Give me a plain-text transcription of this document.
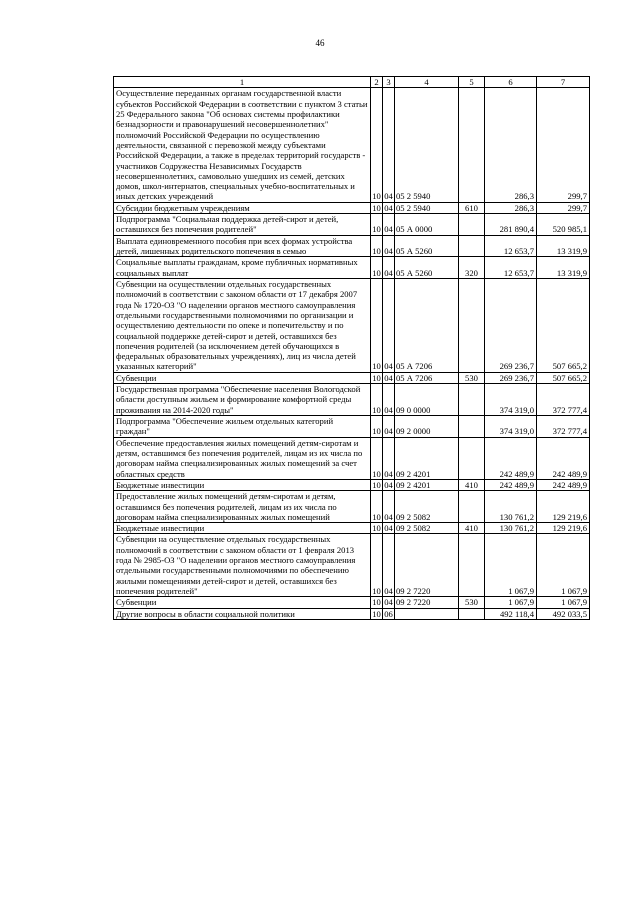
46
1	2	3	4	5	6	7
Осуществление переданных органам государственной власти субъектов Российской Федерации в соответствии с пунктом 3 статьи 25 Федерального закона "Об основах системы профилактики безнадзорности и правонарушений несовершеннолетних" полномочий Российской Федерации по осуществлению деятельности, связанной с перевозкой между субъектами Российской Федерации, а также в пределах территорий государств - участников Содружества Независимых Государств несовершеннолетних, самовольно ушедших из семей, детских домов, школ-интернатов, специальных учебно-воспитательных и иных детских учреждений	10	04	05 2 5940		286,3	299,7
Субсидии бюджетным учреждениям	10	04	05 2 5940	610	286,3	299,7
Подпрограмма "Социальная поддержка детей-сирот и детей, оставшихся без попечения родителей"	10	04	05 А 0000		281 890,4	520 985,1
Выплата единовременного пособия при всех формах устройства детей, лишенных родительского попечения в семью	10	04	05 А 5260		12 653,7	13 319,9
Социальные выплаты гражданам, кроме публичных нормативных социальных выплат	10	04	05 А 5260	320	12 653,7	13 319,9
Субвенции на осуществлении отдельных государственных полномочий в соответствии с законом области от 17 декабря 2007 года № 1720-ОЗ "О наделении органов местного самоуправления отдельными государственными полномочиями по организации и осуществлению деятельности по опеке и попечительству и по социальной поддержке детей-сирот и детей, оставшихся без попечения родителей (за исключением детей обучающихся в федеральных образовательных учреждениях), лиц из числа детей указанных категорий"	10	04	05 А 7206		269 236,7	507 665,2
Субвенции	10	04	05 А 7206	530	269 236,7	507 665,2
Государственная программа "Обеспечение населения Вологодской области доступным жильем и формирование комфортной среды проживания на 2014-2020 годы"	10	04	09 0 0000		374 319,0	372 777,4
Подпрограмма "Обеспечение жильем отдельных категорий граждан"	10	04	09 2 0000		374 319,0	372 777,4
Обеспечение предоставления жилых помещений детям-сиротам и детям, оставшимся без попечения родителей, лицам из их числа по договорам найма специализированных жилых помещений за счет областных средств	10	04	09 2 4201		242 489,9	242 489,9
Бюджетные инвестиции	10	04	09 2 4201	410	242 489,9	242 489,9
Предоставление жилых помещений детям-сиротам и детям, оставшимся без попечения родителей, лицам из их числа по договорам найма специализированных жилых помещений	10	04	09 2 5082		130 761,2	129 219,6
Бюджетные инвестиции	10	04	09 2 5082	410	130 761,2	129 219,6
Субвенции на осуществление отдельных государственных полномочий в соответствии с законом области от 1 февраля 2013 года № 2985-ОЗ "О наделении органов местного самоуправления отдельными государственными полномочиями по обеспечению жилыми помещениями детей-сирот и детей, оставшихся без попечения родителей"	10	04	09 2 7220		1 067,9	1 067,9
Субвенции	10	04	09 2 7220	530	1 067,9	1 067,9
Другие вопросы в области социальной политики	10	06			492 118,4	492 033,5
